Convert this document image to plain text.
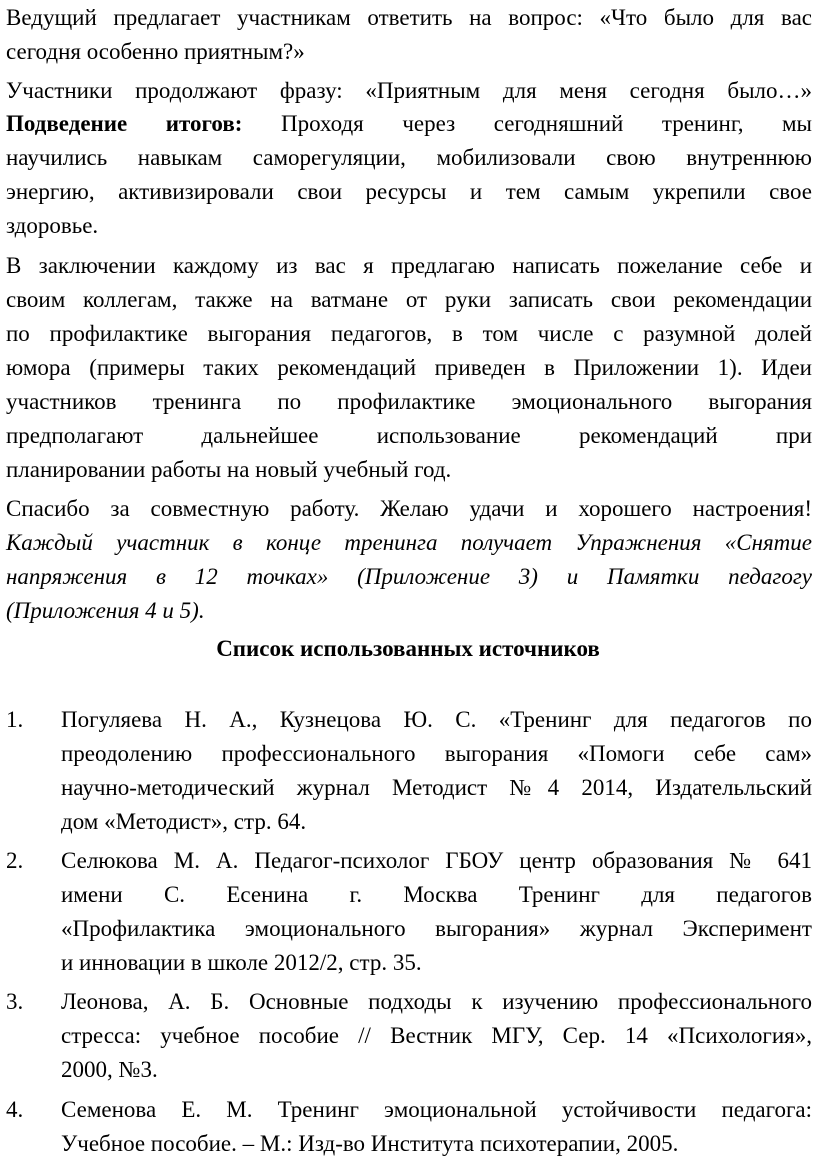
Ведущий предлагает участникам ответить на вопрос: «Что было для вас
сегодня особенно приятным?»
Участники продолжают фразу: «Приятным для меня сегодня было…»
Подведение итогов: Проходя через сегодняшний тренинг, мы
научились навыкам саморегуляции, мобилизовали свою внутреннюю
энергию, активизировали свои ресурсы и тем самым укрепили свое
здоровье.
В заключении каждому из вас я предлагаю написать пожелание себе и
своим коллегам, также на ватмане от руки записать свои рекомендации
по профилактике выгорания педагогов, в том числе с разумной долей
юмора (примеры таких рекомендаций приведен в Приложении 1). Идеи
участников тренинга по профилактике эмоционального выгорания
предполагают дальнейшее использование рекомендаций при
планировании работы на новый учебный год.
Спасибо за совместную работу. Желаю удачи и хорошего настроения!
Каждый участник в конце тренинга получает Упражнения «Снятие
напряжения в 12 точках» (Приложение 3) и Памятки педагогу
(Приложения 4 и 5).
Список использованных источников
1.	Погуляева Н. А., Кузнецова Ю. С. «Тренинг для педагогов по
преодолению профессионального выгорания «Помоги себе сам»
научно-методический журнал Методист №4 2014, Издательльский
дом «Методист», стр. 64.
2.	Селюкова М. А. Педагог-психолог ГБОУ центр образования № 641
имени С. Есенина г. Москва Тренинг для педагогов
«Профилактика эмоционального выгорания» журнал Эксперимент
и инновации в школе 2012/2, стр. 35.
3.	Леонова, А. Б. Основные подходы к изучению профессионального
стресса: учебное пособие // Вестник МГУ, Сер. 14 «Психология»,
2000, №3.
4.	Семенова Е. М. Тренинг эмоциональной устойчивости педагога:
Учебное пособие. – М.: Изд-во Института психотерапии, 2005.
